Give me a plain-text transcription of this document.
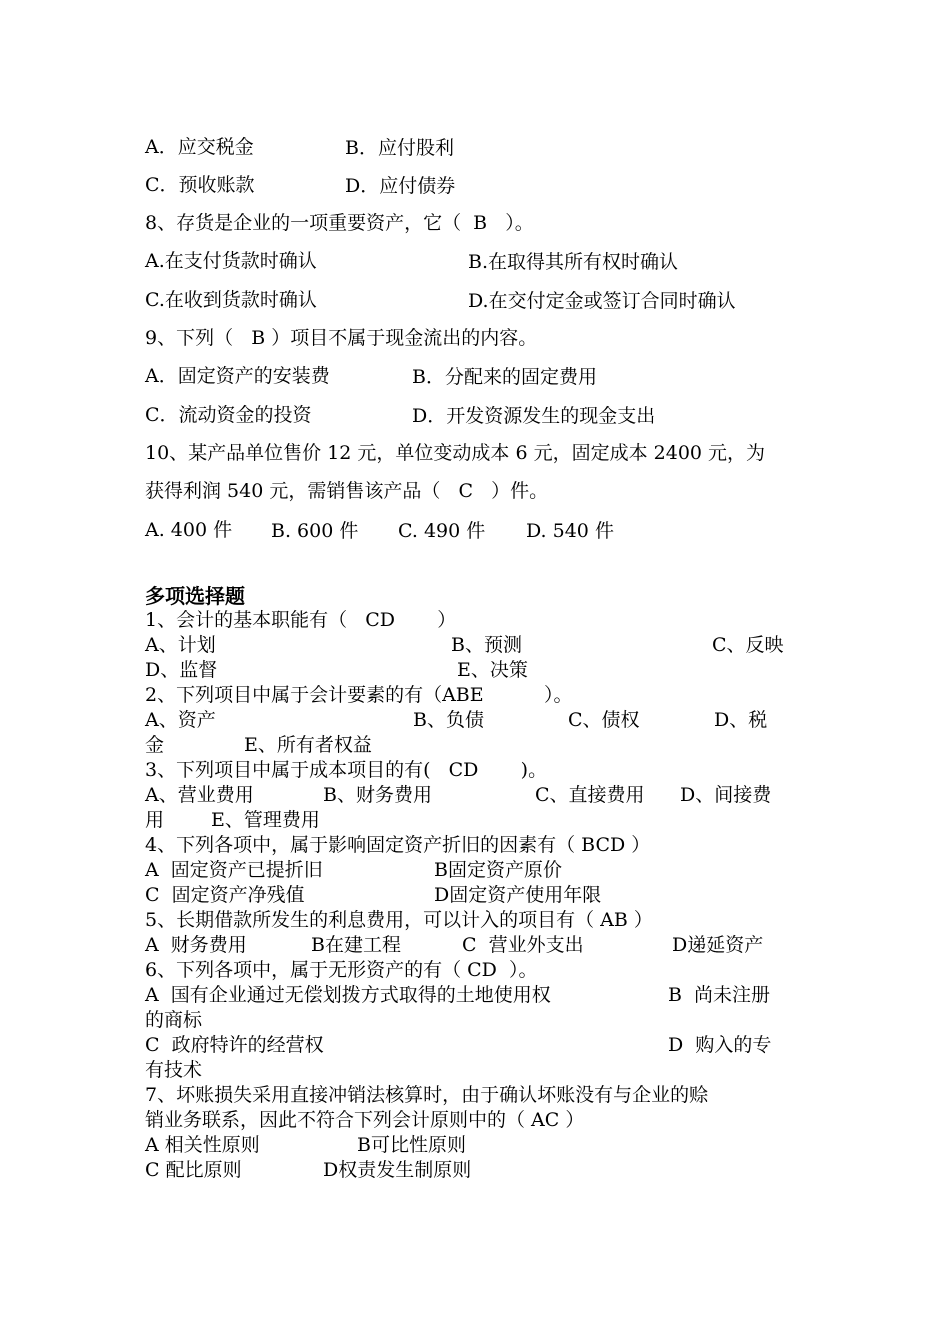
A．应交税金	B．应付股利
C．预收账款	D．应付债券
8、存货是企业的一项重要资产，它（  B   ）。
A.在支付货款时确认	B.在取得其所有权时确认
C.在收到货款时确认	D.在交付定金或签订合同时确认
9、下列（   B ）项目不属于现金流出的内容。
A．固定资产的安装费	B．分配来的固定费用
C．流动资金的投资	D．开发资源发生的现金支出
10、某产品单位售价 12 元，单位变动成本 6 元，固定成本 2400 元，为
获得利润 540 元，需销售该产品（   C   ）件。
A. 400 件 B. 600 件 C. 490 件 D. 540 件
多项选择题
1、会计的基本职能有（   CD       ）
A、计划	B、预测	C、反映
D、监督	E、决策
2、下列项目中属于会计要素的有（ABE          ）。
A、资产	B、负债	C、债权	D、税
金	E、所有者权益
3、下列项目中属于成本项目的有(   CD       )。
A、营业费用	B、财务费用	C、直接费用 D、间接费
用 E、管理费用
4、下列各项中，属于影响固定资产折旧的因素有（ BCD ）
A  固定资产已提折旧	B固定资产原价
C  固定资产净残值	D固定资产使用年限
5、长期借款所发生的利息费用，可以计入的项目有（ AB ）
A  财务费用	B在建工程	C  营业外支出	D递延资产
6、下列各项中，属于无形资产的有（ CD  ）。
A  国有企业通过无偿划拨方式取得的土地使用权	B  尚未注册
的商标
C  政府特许的经营权	D  购入的专
有技术
7、坏账损失采用直接冲销法核算时，由于确认坏账没有与企业的赊
销业务联系，因此不符合下列会计原则中的（ AC ）
A 相关性原则	B可比性原则
C 配比原则	D权责发生制原则
